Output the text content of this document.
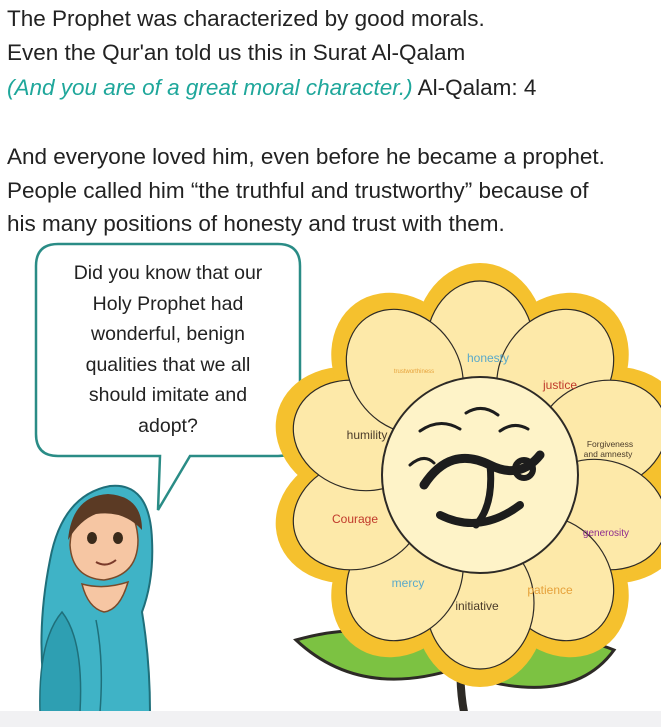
The Prophet was characterized by good morals.
Even the Qur'an told us this in Surat Al-Qalam
(And you are of a great moral character.) Al-Qalam: 4
And everyone loved him, even before he became a prophet.
People called him “the truthful and trustworthy” because of
his many positions of honesty and trust with them.
honesty
justice
Forgiveness
and amnesty
generosity
patience
initiative
mercy
Courage
humility
trustworthiness
Did you know that our
Holy Prophet had
wonderful, benign
qualities that we all
should imitate and
adopt?
